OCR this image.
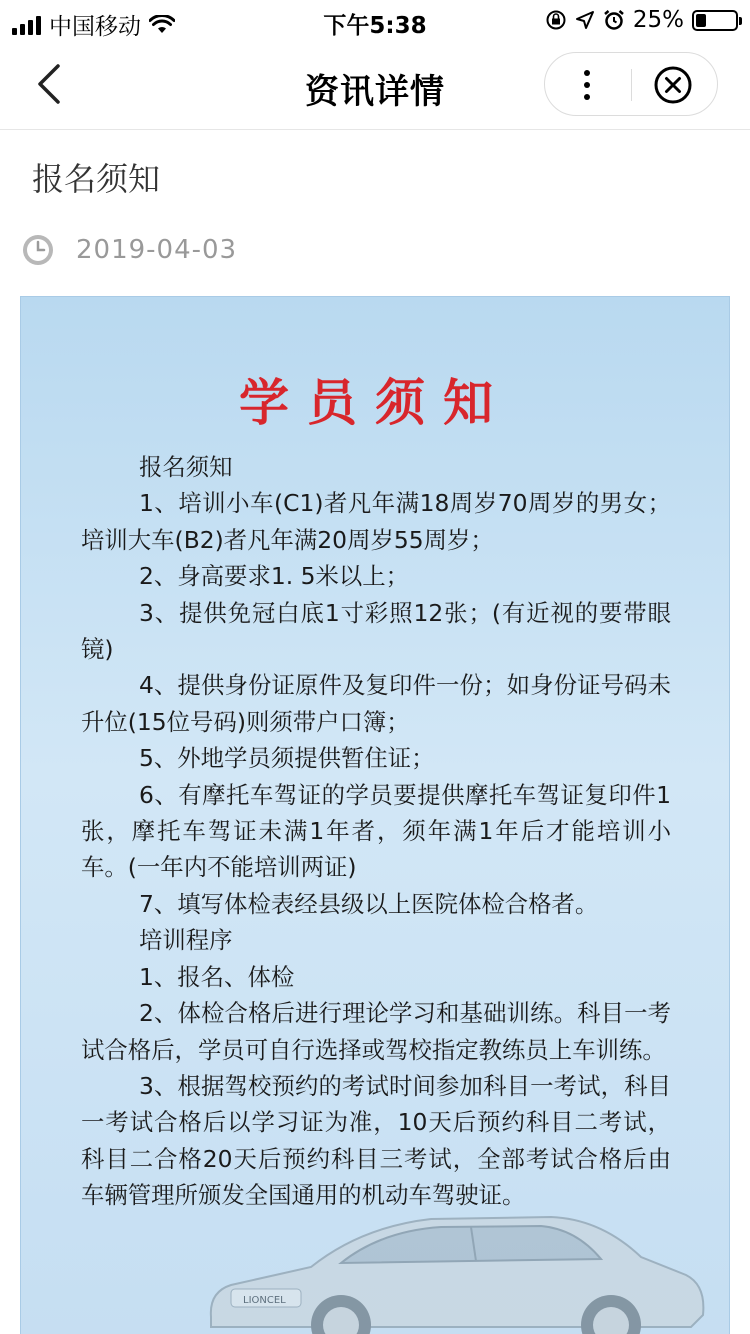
中国移动	下午5:38	25%
资讯详情
报名须知
2019-04-03
学员须知

报名须知

1、培训小车(C1)者凡年满18周岁70周岁的男女；培训大车(B2)者凡年满20周岁55周岁；

2、身高要求1. 5米以上；

3、提供免冠白底1寸彩照12张；(有近视的要带眼镜)

4、提供身份证原件及复印件一份；如身份证号码未升位(15位号码)则须带户口簿；

5、外地学员须提供暂住证；

6、有摩托车驾证的学员要提供摩托车驾证复印件1张，摩托车驾证未满1年者，须年满1年后才能培训小车。(一年内不能培训两证)

7、填写体检表经县级以上医院体检合格者。

培训程序

1、报名、体检

2、体检合格后进行理论学习和基础训练。科目一考试合格后，学员可自行选择或驾校指定教练员上车训练。

3、根据驾校预约的考试时间参加科目一考试，科目一考试合格后以学习证为准，10天后预约科目二考试，科目二合格20天后预约科目三考试，全部考试合格后由车辆管理所颁发全国通用的机动车驾驶证。

LIONCEL
